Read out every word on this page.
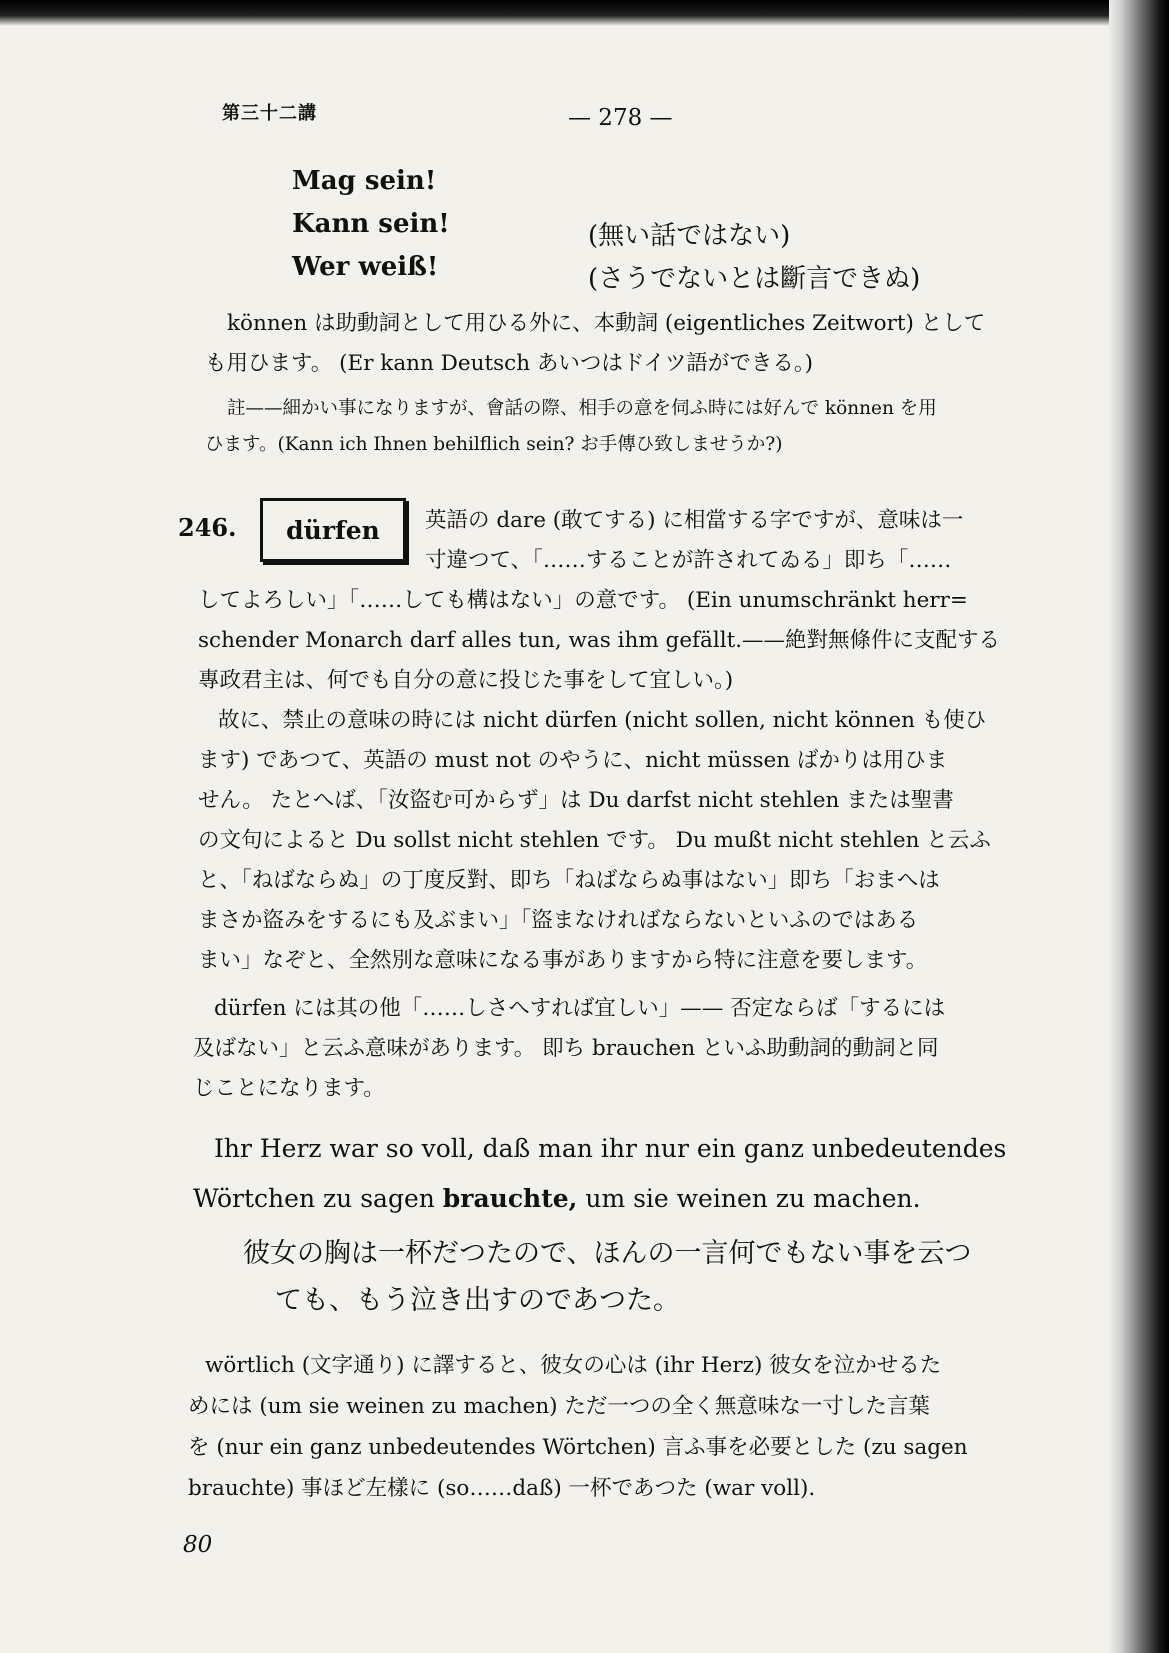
第三十二講	— 278 —
Mag sein!
Kann sein!	(無い話ではない)
Wer weiß!	(さうでないとは斷言できぬ)
können は助動詞として用ひる外に、本動詞 (eigentliches Zeitwort) として
も用ひます。 (Er kann Deutsch あいつはドイツ語ができる。)
註——細かい事になりますが、會話の際、相手の意を伺ふ時には好んで können を用
ひます。(Kann ich Ihnen behilflich sein? お手傳ひ致しませうか?)
246. dürfen 英語の dare (敢てする) に相當する字ですが、意味は一
寸違つて、「……することが許されてゐる」即ち「……
してよろしい」「……しても構はない」の意です。 (Ein unumschränkt herr=
schender Monarch darf alles tun, was ihm gefällt.——絶對無條件に支配する
專政君主は、何でも自分の意に投じた事をして宜しい。)
故に、禁止の意味の時には nicht dürfen (nicht sollen, nicht können も使ひ
ます) であつて、英語の must not のやうに、nicht müssen ばかりは用ひま
せん。 たとへば、「汝盜む可からず」は Du darfst nicht stehlen または聖書
の文句によると Du sollst nicht stehlen です。 Du mußt nicht stehlen と云ふ
と、「ねばならぬ」の丁度反對、即ち「ねばならぬ事はない」即ち「おまへは
まさか盜みをするにも及ぶまい」「盜まなければならないといふのではある
まい」なぞと、全然別な意味になる事がありますから特に注意を要します。
dürfen には其の他「……しさへすれば宜しい」—— 否定ならば「するには
及ばない」と云ふ意味があります。 即ち brauchen といふ助動詞的動詞と同
じことになります。
Ihr Herz war so voll, daß man ihr nur ein ganz unbedeutendes
Wörtchen zu sagen brauchte, um sie weinen zu machen.
彼女の胸は一杯だつたので、ほんの一言何でもない事を云つ
ても、もう泣き出すのであつた。
wörtlich (文字通り) に譯すると、彼女の心は (ihr Herz) 彼女を泣かせるた
めには (um sie weinen zu machen) ただ一つの全く無意味な一寸した言葉
を (nur ein ganz unbedeutendes Wörtchen) 言ふ事を必要とした (zu sagen
brauchte) 事ほど左樣に (so……daß) 一杯であつた (war voll).
80
